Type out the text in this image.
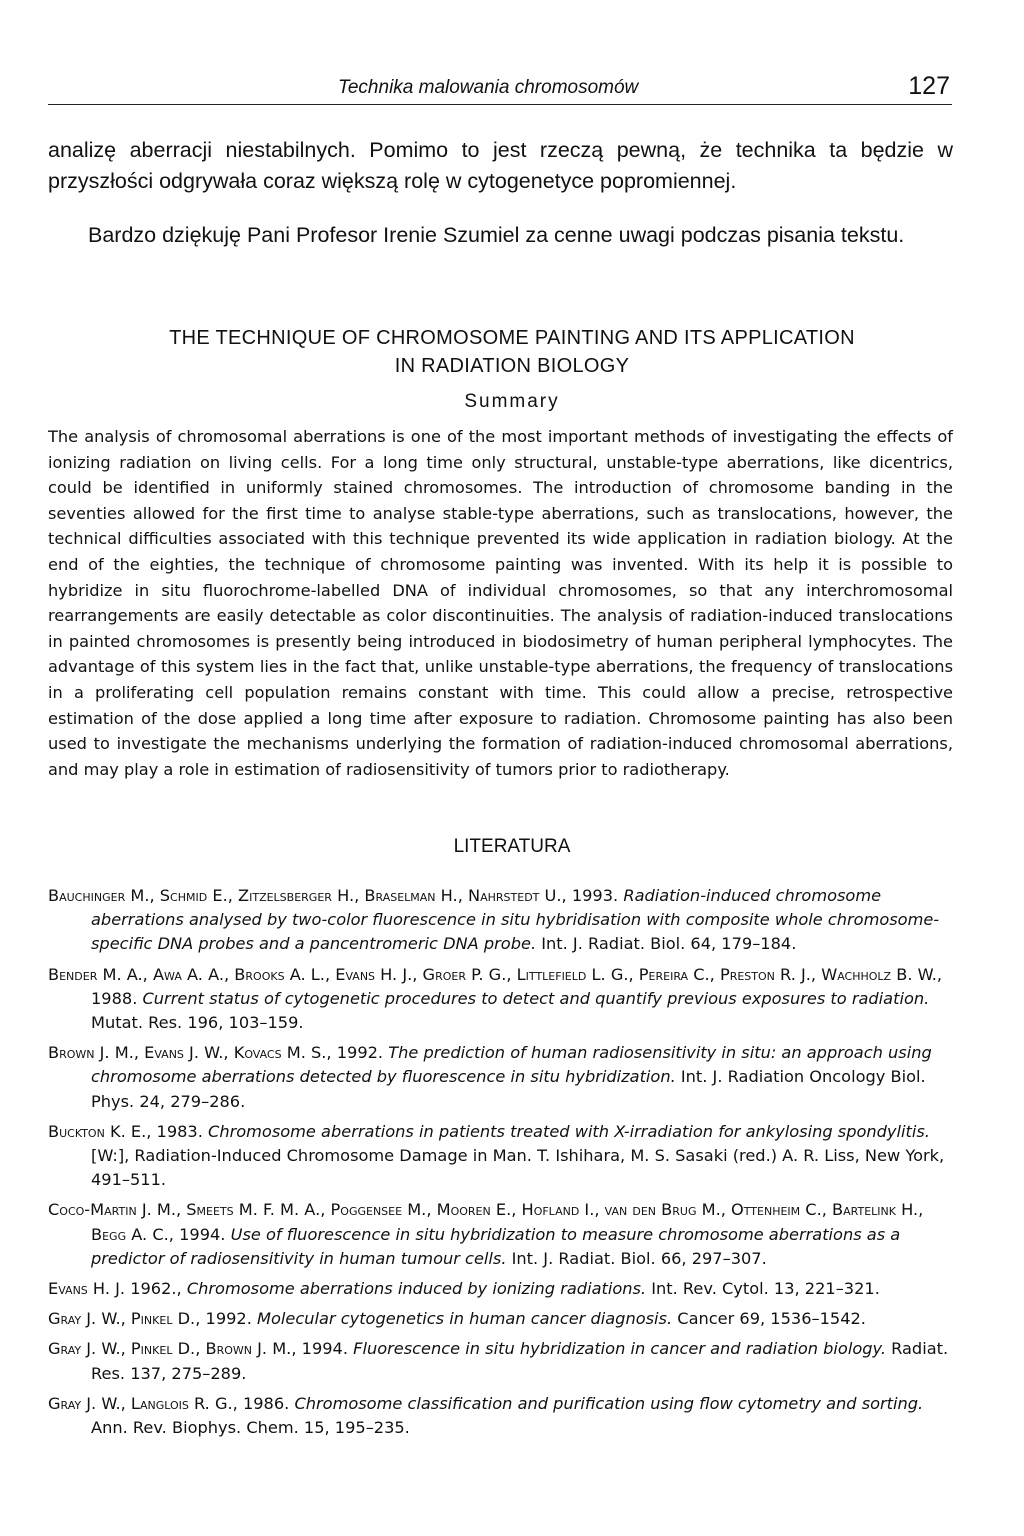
Technika malowania chromosomów	127

analizę aberracji niestabilnych. Pomimo to jest rzeczą pewną, że technika ta będzie w przyszłości odgrywała coraz większą rolę w cytogenetyce popromiennej.

Bardzo dziękuję Pani Profesor Irenie Szumiel za cenne uwagi podczas pisania tekstu.

THE TECHNIQUE OF CHROMOSOME PAINTING AND ITS APPLICATION
IN RADIATION BIOLOGY
Summary

The analysis of chromosomal aberrations is one of the most important methods of investigating the effects of ionizing radiation on living cells. For a long time only structural, unstable-type aberrations, like dicentrics, could be identified in uniformly stained chromosomes. The introduction of chromosome banding in the seventies allowed for the first time to analyse stable-type aberrations, such as translocations, however, the technical difficulties associated with this technique prevented its wide application in radiation biology. At the end of the eighties, the technique of chromosome painting was invented. With its help it is possible to hybridize in situ fluorochrome-labelled DNA of individual chromosomes, so that any interchromosomal rearrangements are easily detectable as color discontinuities. The analysis of radiation-induced translocations in painted chromosomes is presently being introduced in biodosimetry of human peripheral lymphocytes. The advantage of this system lies in the fact that, unlike unstable-type aberrations, the frequency of translocations in a proliferating cell population remains constant with time. This could allow a precise, retrospective estimation of the dose applied a long time after exposure to radiation. Chromosome painting has also been used to investigate the mechanisms underlying the formation of radiation-induced chromosomal aberrations, and may play a role in estimation of radiosensitivity of tumors prior to radiotherapy.

LITERATURA
Bauchinger M., Schmid E., Zitzelsberger H., Braselman H., Nahrstedt U., 1993. Radiation-induced chromosome aberrations analysed by two-color fluorescence in situ hybridisation with composite whole chromosome-specific DNA probes and a pancentromeric DNA probe. Int. J. Radiat. Biol. 64, 179–184.
Bender M. A., Awa A. A., Brooks A. L., Evans H. J., Groer P. G., Littlefield L. G., Pereira C., Preston R. J., Wachholz B. W., 1988. Current status of cytogenetic procedures to detect and quantify previous exposures to radiation. Mutat. Res. 196, 103–159.
Brown J. M., Evans J. W., Kovacs M. S., 1992. The prediction of human radiosensitivity in situ: an approach using chromosome aberrations detected by fluorescence in situ hybridization. Int. J. Radiation Oncology Biol. Phys. 24, 279–286.
Buckton K. E., 1983. Chromosome aberrations in patients treated with X-irradiation for ankylosing spondylitis. [W:], Radiation-Induced Chromosome Damage in Man. T. Ishihara, M. S. Sasaki (red.) A. R. Liss, New York, 491–511.
Coco-Martin J. M., Smeets M. F. M. A., Poggensee M., Mooren E., Hofland I., van den Brug M., Ottenheim C., Bartelink H., Begg A. C., 1994. Use of fluorescence in situ hybridization to measure chromosome aberrations as a predictor of radiosensitivity in human tumour cells. Int. J. Radiat. Biol. 66, 297–307.
Evans H. J. 1962., Chromosome aberrations induced by ionizing radiations. Int. Rev. Cytol. 13, 221–321.
Gray J. W., Pinkel D., 1992. Molecular cytogenetics in human cancer diagnosis. Cancer 69, 1536–1542.
Gray J. W., Pinkel D., Brown J. M., 1994. Fluorescence in situ hybridization in cancer and radiation biology. Radiat. Res. 137, 275–289.
Gray J. W., Langlois R. G., 1986. Chromosome classification and purification using flow cytometry and sorting. Ann. Rev. Biophys. Chem. 15, 195–235.
